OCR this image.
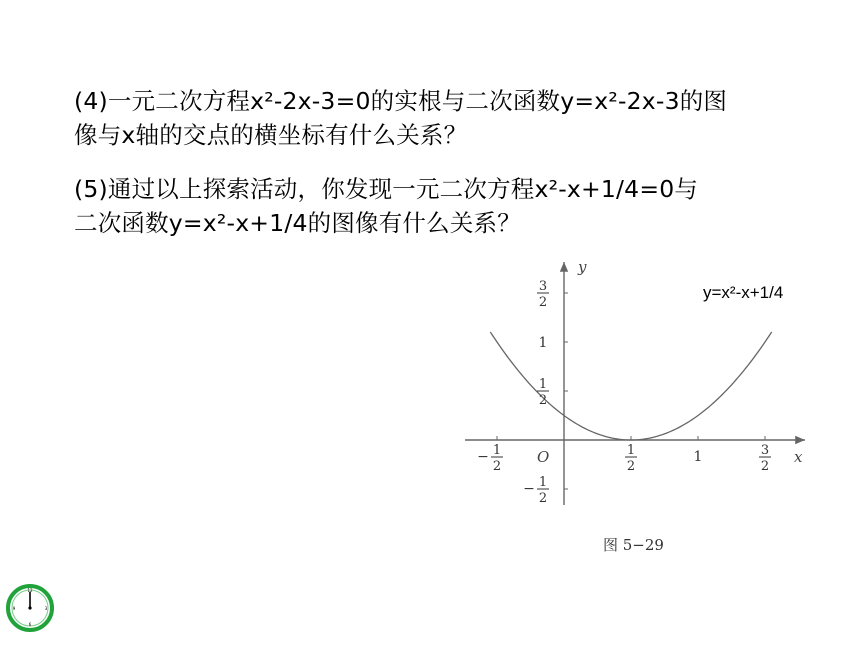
(4)一元二次方程x²-2x-3=0的实根与二次函数y=x²-2x-3的图
像与x轴的交点的横坐标有什么关系？

(5)通过以上探索活动，你发现一元二次方程x²-x+1/4=0与
二次函数y=x²-x+1/4的图像有什么关系？

− 1
2
1
2
1	3
2
3
2
1
1
2
− 1
2
x
y
O
y=x²-x+1/4
图 5−29
12
3
6
9
